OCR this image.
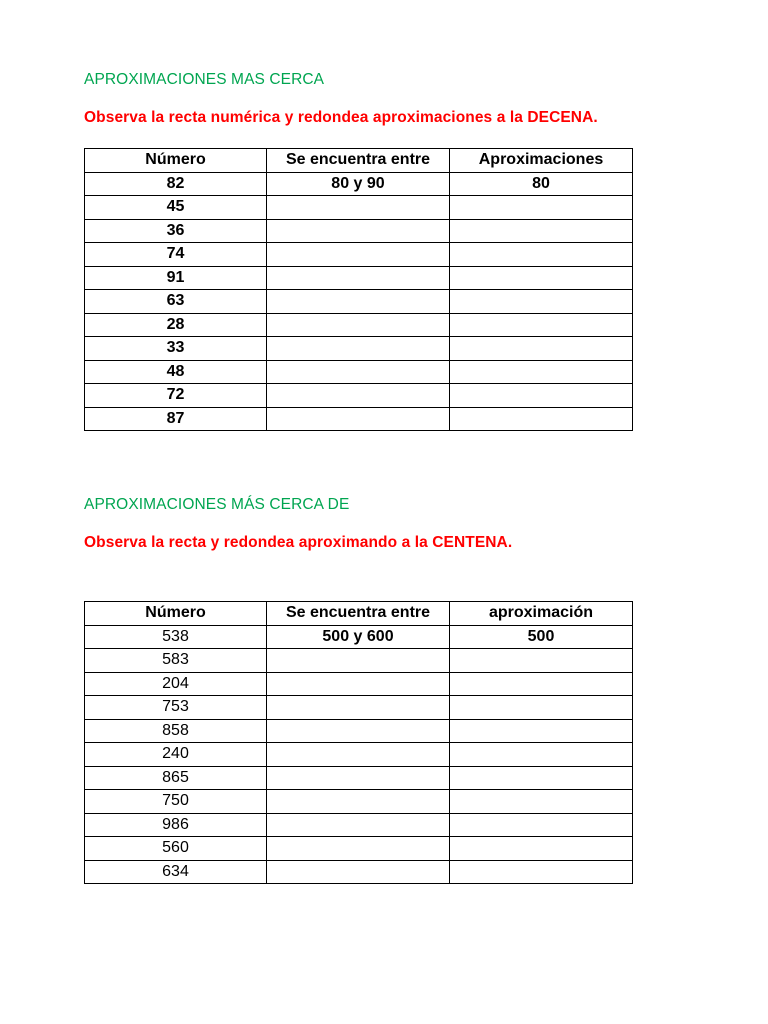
APROXIMACIONES MAS CERCA

Observa la recta numérica y redondea aproximaciones a la DECENA.

Número	Se encuentra entre	Aproximaciones
82	80 y 90	80
45		
36		
74		
91		
63		
28		
33		
48		
72		
87		
APROXIMACIONES MÁS CERCA DE

Observa la recta y redondea aproximando a la CENTENA.

Número	Se encuentra entre	aproximación
538	500 y 600	500
583		
204		
753		
858		
240		
865		
750		
986		
560		
634		
